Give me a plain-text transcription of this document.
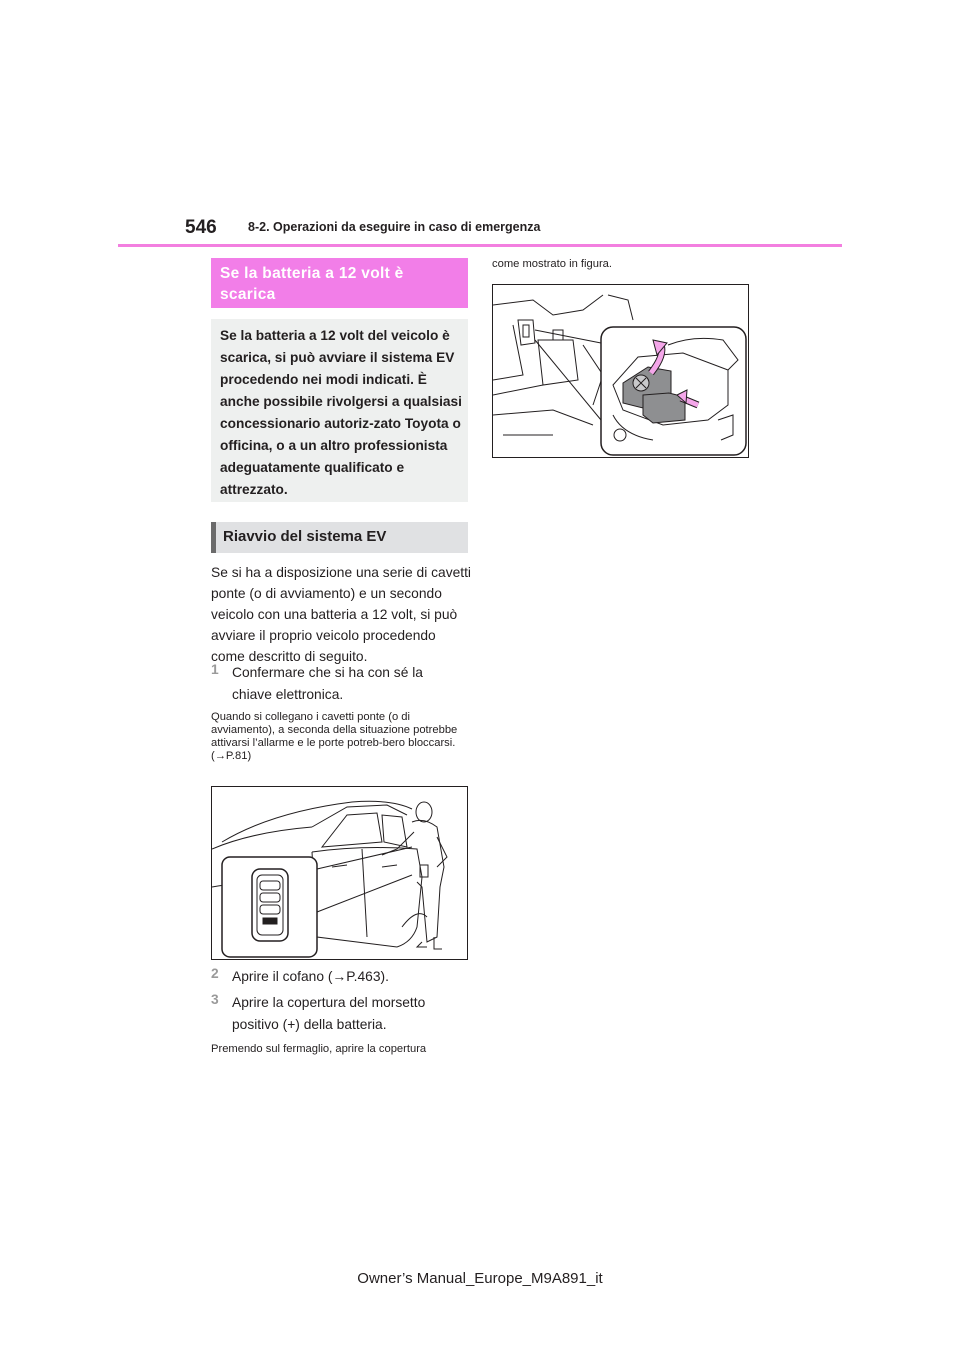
546	8-2. Operazioni da eseguire in caso di emergenza
Se la batteria a 12 volt è scarica
Se la batteria a 12 volt del veicolo è scarica, si può avviare il sistema EV procedendo nei modi indicati. È anche possibile rivolgersi a qualsiasi concessionario autoriz-zato Toyota o officina, o a un altro professionista adeguatamente qualificato e attrezzato.
Riavvio del sistema EV
Se si ha a disposizione una serie di cavetti ponte (o di avviamento) e un secondo veicolo con una batteria a 12 volt, si può avviare il proprio veicolo procedendo come descritto di seguito.
1 Confermare che si ha con sé la chiave elettronica.
Quando si collegano i cavetti ponte (o di avviamento), a seconda della situazione potrebbe attivarsi l’allarme e le porte potreb-bero bloccarsi. (→P.81)
2 Aprire il cofano (→P.463).
3 Aprire la copertura del morsetto positivo (+) della batteria.
Premendo sul fermaglio, aprire la copertura
come mostrato in figura.
Owner’s Manual_Europe_M9A891_it
